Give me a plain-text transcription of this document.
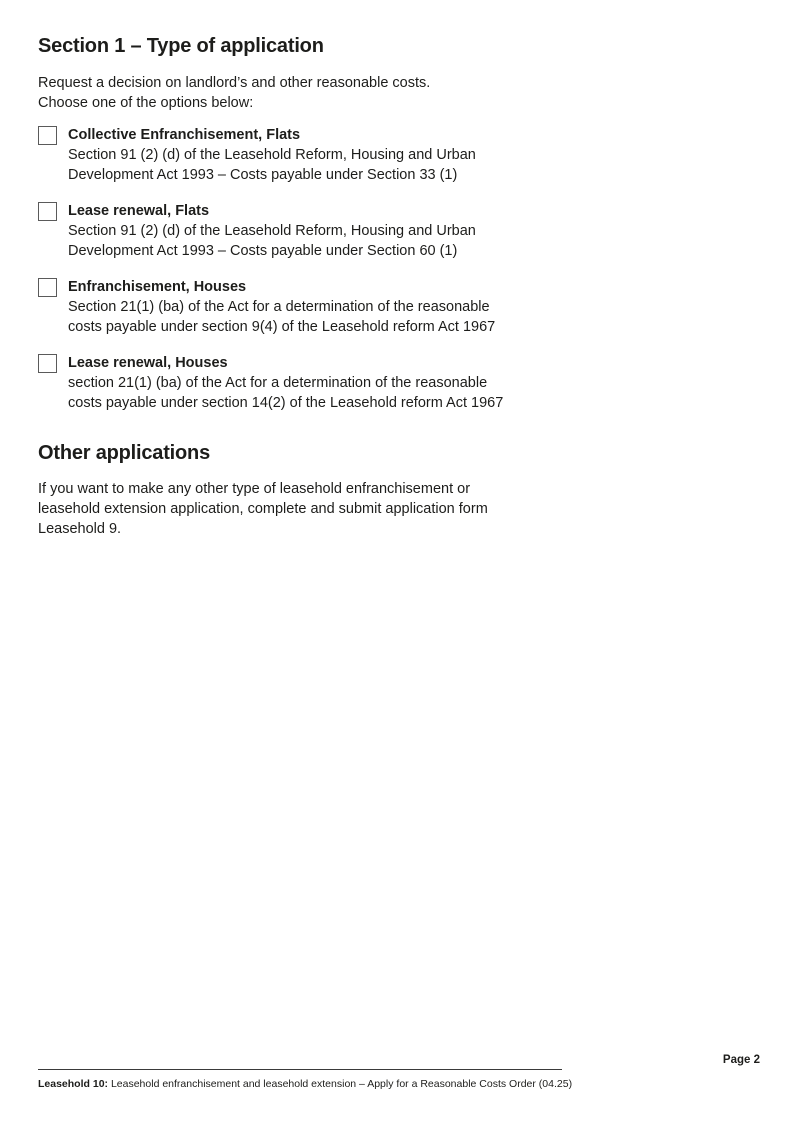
Section 1 – Type of application
Request a decision on landlord’s and other reasonable costs.
Choose one of the options below:
Collective Enfranchisement, Flats
Section 91 (2) (d) of the Leasehold Reform, Housing and Urban
Development Act 1993 – Costs payable under Section 33 (1)
Lease renewal, Flats
Section 91 (2) (d) of the Leasehold Reform, Housing and Urban
Development Act 1993 – Costs payable under Section 60 (1)
Enfranchisement, Houses
Section 21(1) (ba) of the Act for a determination of the reasonable
costs payable under section 9(4) of the Leasehold reform Act 1967
Lease renewal, Houses
section 21(1) (ba) of the Act for a determination of the reasonable
costs payable under section 14(2) of the Leasehold reform Act 1967
Other applications
If you want to make any other type of leasehold enfranchisement or
leasehold extension application, complete and submit application form
Leasehold 9.
Page 2
Leasehold 10: Leasehold enfranchisement and leasehold extension – Apply for a Reasonable Costs Order (04.25)
